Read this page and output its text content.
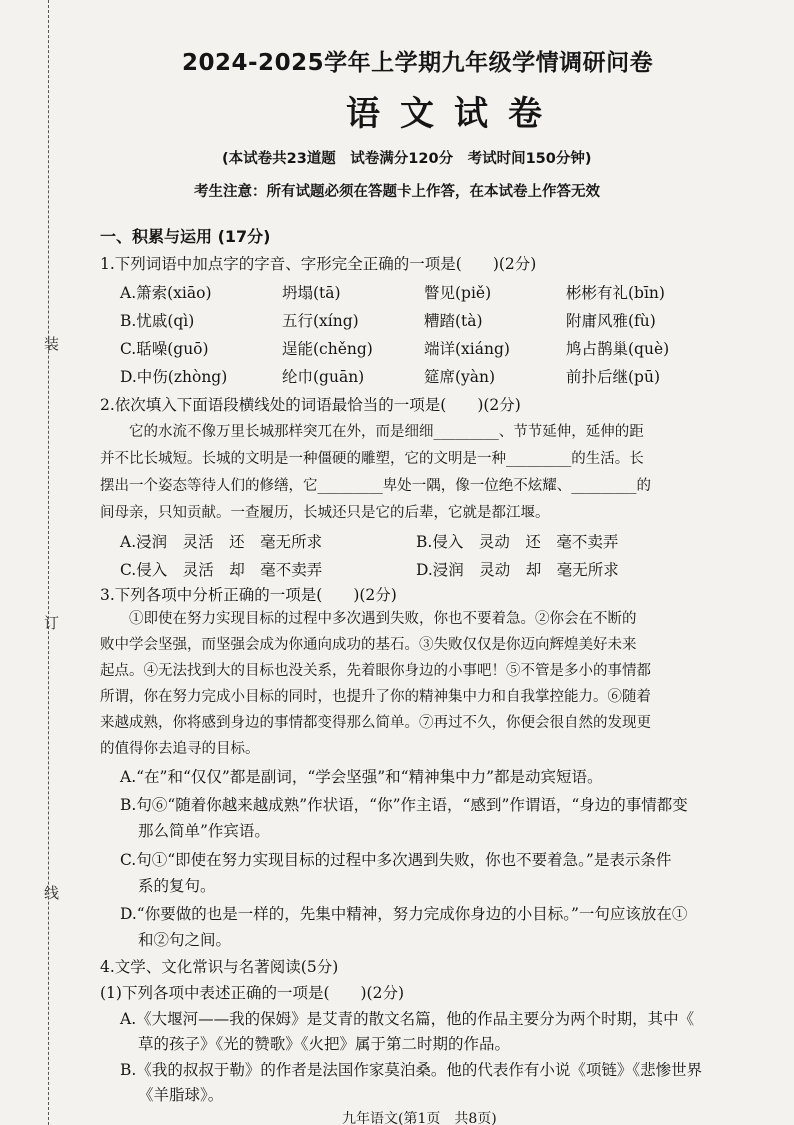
装
订
线
2024-2025学年上学期九年级学情调研问卷
语文试卷
(本试卷共23道题　试卷满分120分　考试时间150分钟)
考生注意：所有试题必须在答题卡上作答，在本试卷上作答无效
一、积累与运用 (17分)
1.下列词语中加点字的字音、字形完全正确的一项是(　　)(2分)
A.箫索(xiāo)	坍塌(tā)	瞥见(piě)	彬彬有礼(bīn)
B.忧戚(qì)	五行(xíng)	糟踏(tà)	附庸风雅(fù)
C.聒噪(guō)	逞能(chěng)	端详(xiáng)	鸠占鹊巢(què)
D.中伤(zhòng)	纶巾(guān)	筵席(yàn)	前扑后继(pū)
2.依次填入下面语段横线处的词语最恰当的一项是(　　)(2分)
　　它的水流不像万里长城那样突兀在外，而是细细_________、节节延伸，延伸的距
并不比长城短。长城的文明是一种僵硬的雕塑，它的文明是一种_________的生活。长
摆出一个姿态等待人们的修缮，它_________卑处一隅，像一位绝不炫耀、_________的
间母亲，只知贡献。一查履历，长城还只是它的后辈，它就是都江堰。
A.浸润　灵活　还　毫无所求	B.侵入　灵动　还　毫不卖弄
C.侵入　灵活　却　毫不卖弄	D.浸润　灵动　却　毫无所求
3.下列各项中分析正确的一项是(　　)(2分)
　　①即使在努力实现目标的过程中多次遇到失败，你也不要着急。②你会在不断的
败中学会坚强，而坚强会成为你通向成功的基石。③失败仅仅是你迈向辉煌美好未来
起点。④无法找到大的目标也没关系，先着眼你身边的小事吧！⑤不管是多小的事情都
所谓，你在努力完成小目标的同时，也提升了你的精神集中力和自我掌控能力。⑥随着
来越成熟，你将感到身边的事情都变得那么简单。⑦再过不久，你便会很自然的发现更
的值得你去追寻的目标。
A.“在”和“仅仅”都是副词，“学会坚强”和“精神集中力”都是动宾短语。
B.句⑥“随着你越来越成熟”作状语，“你”作主语，“感到”作谓语，“身边的事情都变
那么简单”作宾语。
C.句①“即使在努力实现目标的过程中多次遇到失败，你也不要着急。”是表示条件
系的复句。
D.“你要做的也是一样的，先集中精神，努力完成你身边的小目标。”一句应该放在①
和②句之间。
4.文学、文化常识与名著阅读(5分)
(1)下列各项中表述正确的一项是(　　)(2分)
A.《大堰河——我的保姆》是艾青的散文名篇，他的作品主要分为两个时期，其中《
草的孩子》《光的赞歌》《火把》属于第二时期的作品。
B.《我的叔叔于勒》的作者是法国作家莫泊桑。他的代表作有小说《项链》《悲惨世界
《羊脂球》。
九年语文(第1页　共8页)
